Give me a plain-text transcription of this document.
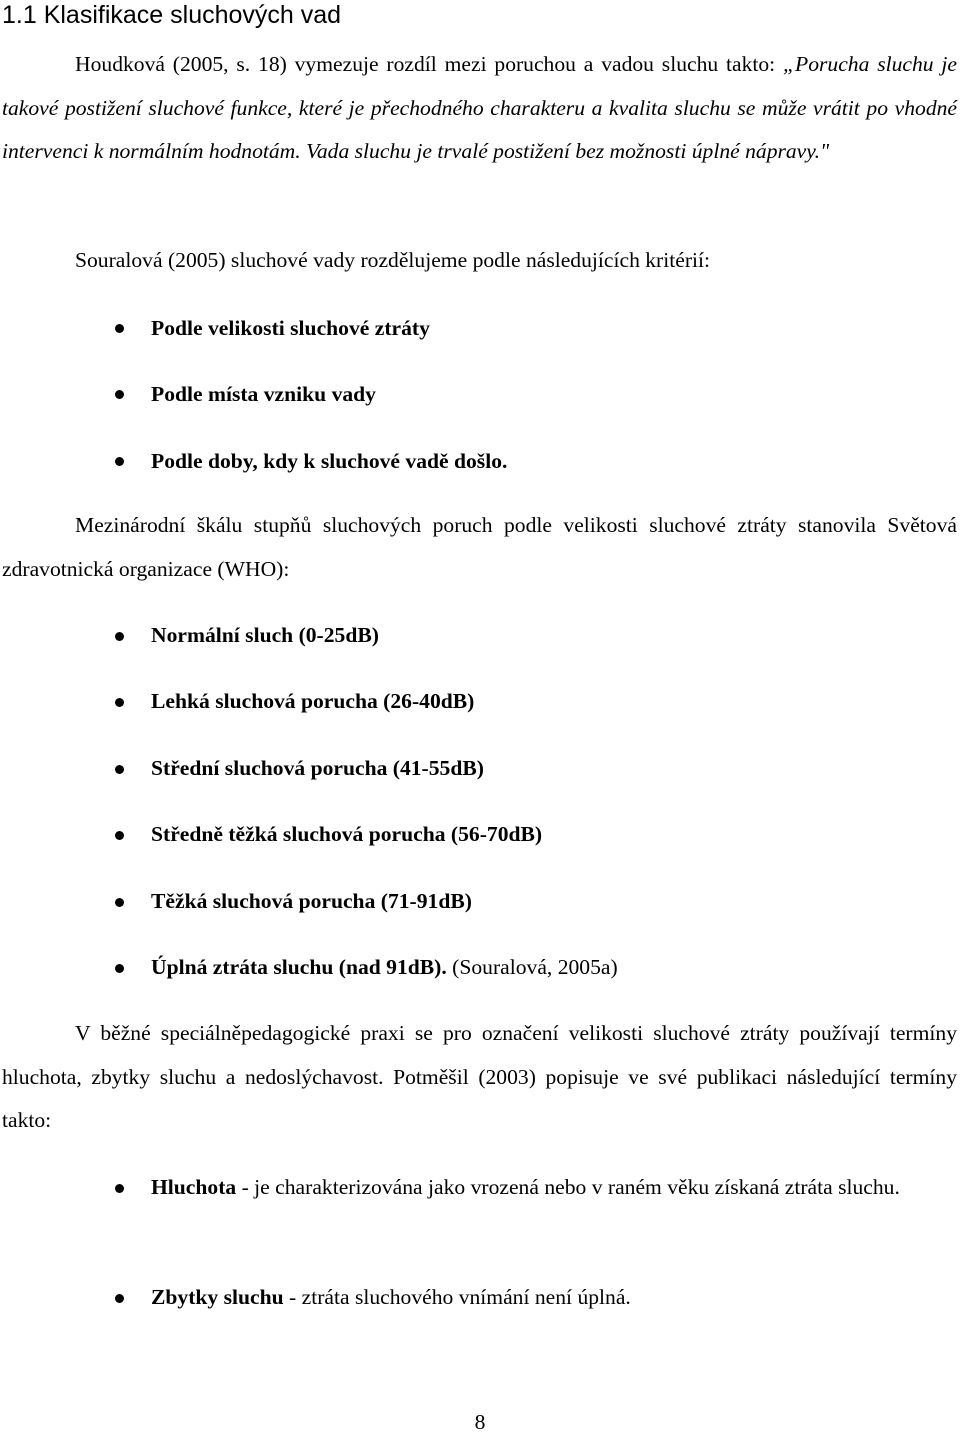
1.1 Klasifikace sluchových vad

Houdková (2005, s. 18) vymezuje rozdíl mezi poruchou a vadou sluchu takto: „Porucha sluchu je takové postižení sluchové funkce, které je přechodného charakteru a kvalita sluchu se může vrátit po vhodné intervenci k normálním hodnotám. Vada sluchu je trvalé postižení bez možnosti úplné nápravy."

Souralová (2005) sluchové vady rozdělujeme podle následujících kritérií:

Podle velikosti sluchové ztráty

Podle místa vzniku vady

Podle doby, kdy k sluchové vadě došlo.

Mezinárodní škálu stupňů sluchových poruch podle velikosti sluchové ztráty stanovila Světová zdravotnická organizace (WHO):

Normální sluch (0-25dB)

Lehká sluchová porucha (26-40dB)

Střední sluchová porucha (41-55dB)

Středně těžká sluchová porucha (56-70dB)

Těžká sluchová porucha (71-91dB)

Úplná ztráta sluchu (nad 91dB). (Souralová, 2005a)

V běžné speciálněpedagogické praxi se pro označení velikosti sluchové ztráty používají termíny hluchota, zbytky sluchu a nedoslýchavost. Potměšil (2003) popisuje ve své publikaci následující termíny takto:

Hluchota - je charakterizována jako vrozená nebo v raném věku získaná ztráta sluchu.

Zbytky sluchu - ztráta sluchového vnímání není úplná.

8
